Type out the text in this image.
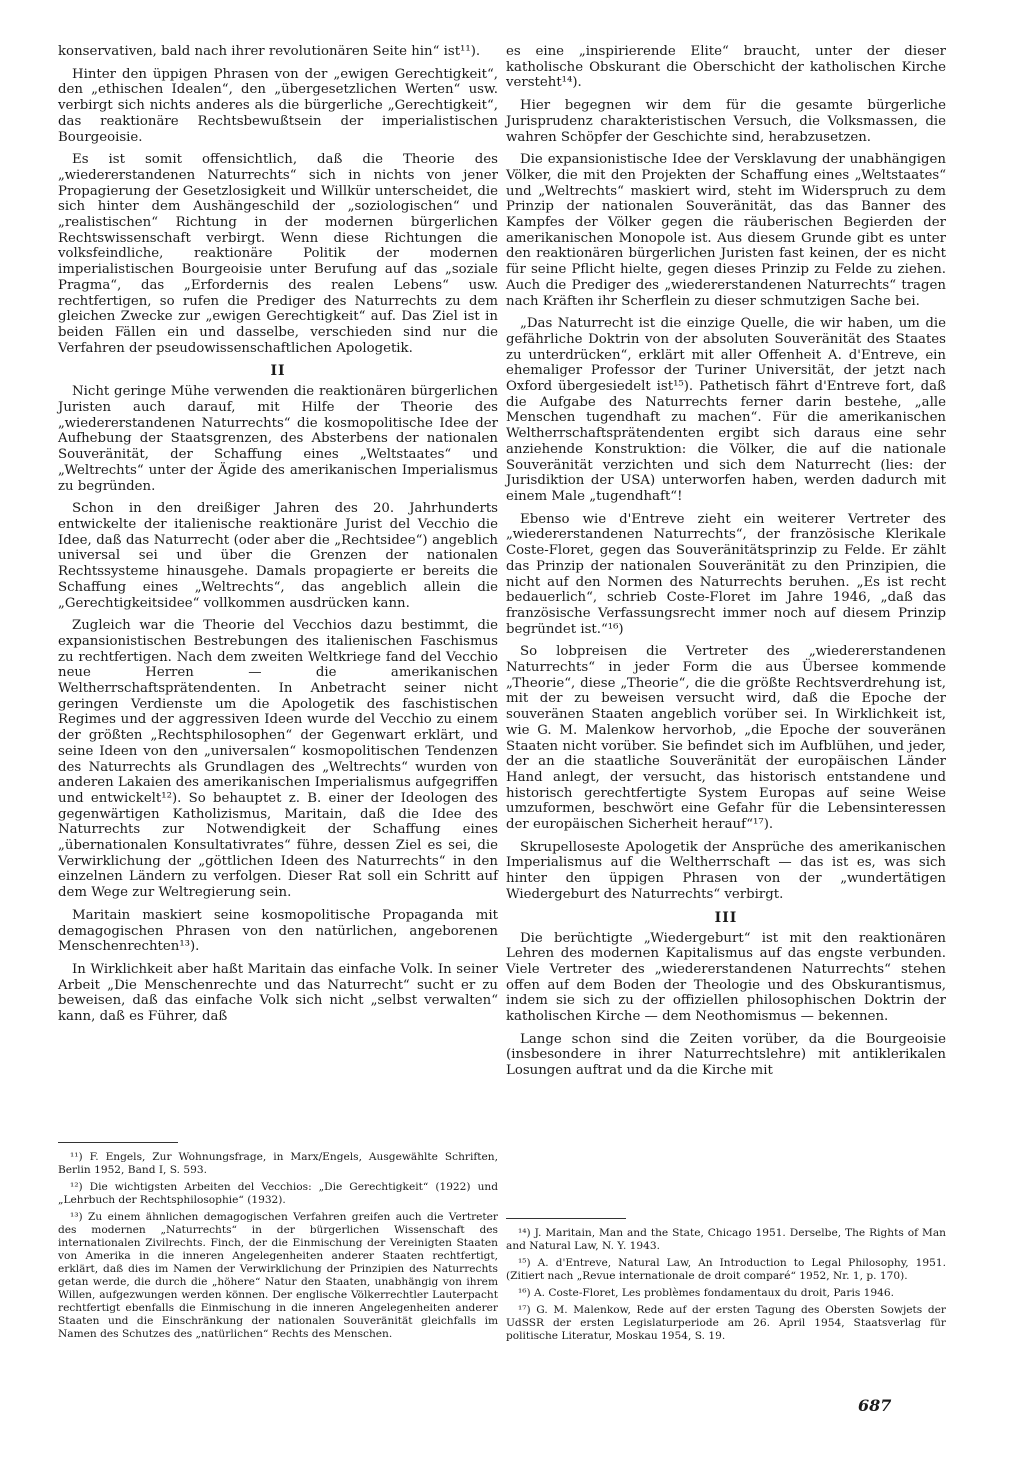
konservativen, bald nach ihrer revolutionären Seite hin“ ist¹¹).

Hinter den üppigen Phrasen von der „ewigen Gerechtigkeit“, den „ethischen Idealen“, den „übergesetzlichen Werten“ usw. verbirgt sich nichts anderes als die bürgerliche „Gerechtigkeit“, das reaktionäre Rechtsbewußtsein der imperialistischen Bourgeoisie.

Es ist somit offensichtlich, daß die Theorie des „wiedererstandenen Naturrechts“ sich in nichts von jener Propagierung der Gesetzlosigkeit und Willkür unterscheidet, die sich hinter dem Aushängeschild der „soziologischen“ und „realistischen“ Richtung in der modernen bürgerlichen Rechtswissenschaft verbirgt. Wenn diese Richtungen die volksfeindliche, reaktionäre Politik der modernen imperialistischen Bourgeoisie unter Berufung auf das „soziale Pragma“, das „Erfordernis des realen Lebens“ usw. rechtfertigen, so rufen die Prediger des Naturrechts zu dem gleichen Zwecke zur „ewigen Gerechtigkeit“ auf. Das Ziel ist in beiden Fällen ein und dasselbe, verschieden sind nur die Verfahren der pseudowissenschaftlichen Apologetik.

II

Nicht geringe Mühe verwenden die reaktionären bürgerlichen Juristen auch darauf, mit Hilfe der Theorie des „wiedererstandenen Naturrechts“ die kosmopolitische Idee der Aufhebung der Staatsgrenzen, des Absterbens der nationalen Souveränität, der Schaffung eines „Weltstaates“ und „Weltrechts“ unter der Ägide des amerikanischen Imperialismus zu begründen.

Schon in den dreißiger Jahren des 20. Jahrhunderts entwickelte der italienische reaktionäre Jurist del Vecchio die Idee, daß das Naturrecht (oder aber die „Rechtsidee“) angeblich universal sei und über die Grenzen der nationalen Rechtssysteme hinausgehe. Damals propagierte er bereits die Schaffung eines „Weltrechts“, das angeblich allein die „Gerechtigkeitsidee“ vollkommen ausdrücken kann.

Zugleich war die Theorie del Vecchios dazu bestimmt, die expansionistischen Bestrebungen des italienischen Faschismus zu rechtfertigen. Nach dem zweiten Weltkriege fand del Vecchio neue Herren — die amerikanischen Weltherrschaftsprätendenten. In Anbetracht seiner nicht geringen Verdienste um die Apologetik des faschistischen Regimes und der aggressiven Ideen wurde del Vecchio zu einem der größten „Rechtsphilosophen“ der Gegenwart erklärt, und seine Ideen von den „universalen“ kosmopolitischen Tendenzen des Naturrechts als Grundlagen des „Weltrechts“ wurden von anderen Lakaien des amerikanischen Imperialismus aufgegriffen und entwickelt¹²). So behauptet z. B. einer der Ideologen des gegenwärtigen Katholizismus, Maritain, daß die Idee des Naturrechts zur Notwendigkeit der Schaffung eines „übernationalen Konsultativrates“ führe, dessen Ziel es sei, die Verwirklichung der „göttlichen Ideen des Naturrechts“ in den einzelnen Ländern zu verfolgen. Dieser Rat soll ein Schritt auf dem Wege zur Weltregierung sein.

Maritain maskiert seine kosmopolitische Propaganda mit demagogischen Phrasen von den natürlichen, angeborenen Menschenrechten¹³).

In Wirklichkeit aber haßt Maritain das einfache Volk. In seiner Arbeit „Die Menschenrechte und das Naturrecht“ sucht er zu beweisen, daß das einfache Volk sich nicht „selbst verwalten“ kann, daß es Führer, daß

¹¹) F. Engels, Zur Wohnungsfrage, in Marx/Engels, Ausgewählte Schriften, Berlin 1952, Band I, S. 593.

¹²) Die wichtigsten Arbeiten del Vecchios: „Die Gerechtigkeit“ (1922) und „Lehrbuch der Rechtsphilosophie“ (1932).

¹³) Zu einem ähnlichen demagogischen Verfahren greifen auch die Vertreter des modernen „Naturrechts“ in der bürgerlichen Wissenschaft des internationalen Zivilrechts. Finch, der die Einmischung der Vereinigten Staaten von Amerika in die inneren Angelegenheiten anderer Staaten rechtfertigt, erklärt, daß dies im Namen der Verwirklichung der Prinzipien des Naturrechts getan werde, die durch die „höhere“ Natur den Staaten, unabhängig von ihrem Willen, aufgezwungen werden können. Der englische Völkerrechtler Lauterpacht rechtfertigt ebenfalls die Einmischung in die inneren Angelegenheiten anderer Staaten und die Einschränkung der nationalen Souveränität gleichfalls im Namen des Schutzes des „natürlichen“ Rechts des Menschen.

es eine „inspirierende Elite“ braucht, unter der dieser katholische Obskurant die Oberschicht der katholischen Kirche versteht¹⁴).

Hier begegnen wir dem für die gesamte bürgerliche Jurisprudenz charakteristischen Versuch, die Volksmassen, die wahren Schöpfer der Geschichte sind, herabzusetzen.

Die expansionistische Idee der Versklavung der unabhängigen Völker, die mit den Projekten der Schaffung eines „Weltstaates“ und „Weltrechts“ maskiert wird, steht im Widerspruch zu dem Prinzip der nationalen Souveränität, das das Banner des Kampfes der Völker gegen die räuberischen Begierden der amerikanischen Monopole ist. Aus diesem Grunde gibt es unter den reaktionären bürgerlichen Juristen fast keinen, der es nicht für seine Pflicht hielte, gegen dieses Prinzip zu Felde zu ziehen. Auch die Prediger des „wiedererstandenen Naturrechts“ tragen nach Kräften ihr Scherflein zu dieser schmutzigen Sache bei.

„Das Naturrecht ist die einzige Quelle, die wir haben, um die gefährliche Doktrin von der absoluten Souveränität des Staates zu unterdrücken“, erklärt mit aller Offenheit A. d'Entreve, ein ehemaliger Professor der Turiner Universität, der jetzt nach Oxford übergesiedelt ist¹⁵). Pathetisch fährt d'Entreve fort, daß die Aufgabe des Naturrechts ferner darin bestehe, „alle Menschen tugendhaft zu machen“. Für die amerikanischen Weltherrschaftsprätendenten ergibt sich daraus eine sehr anziehende Konstruktion: die Völker, die auf die nationale Souveränität verzichten und sich dem Naturrecht (lies: der Jurisdiktion der USA) unterworfen haben, werden dadurch mit einem Male „tugendhaft“!

Ebenso wie d'Entreve zieht ein weiterer Vertreter des „wiedererstandenen Naturrechts“, der französische Klerikale Coste-Floret, gegen das Souveränitätsprinzip zu Felde. Er zählt das Prinzip der nationalen Souveränität zu den Prinzipien, die nicht auf den Normen des Naturrechts beruhen. „Es ist recht bedauerlich“, schrieb Coste-Floret im Jahre 1946, „daß das französische Verfassungsrecht immer noch auf diesem Prinzip begründet ist.“¹⁶)

So lobpreisen die Vertreter des „wiedererstandenen Naturrechts“ in jeder Form die aus Übersee kommende „Theorie“, diese „Theorie“, die die größte Rechtsverdrehung ist, mit der zu beweisen versucht wird, daß die Epoche der souveränen Staaten angeblich vorüber sei. In Wirklichkeit ist, wie G. M. Malenkow hervorhob, „die Epoche der souveränen Staaten nicht vorüber. Sie befindet sich im Aufblühen, und jeder, der an die staatliche Souveränität der europäischen Länder Hand anlegt, der versucht, das historisch entstandene und historisch gerechtfertigte System Europas auf seine Weise umzuformen, beschwört eine Gefahr für die Lebensinteressen der europäischen Sicherheit herauf“¹⁷).

Skrupelloseste Apologetik der Ansprüche des amerikanischen Imperialismus auf die Weltherrschaft — das ist es, was sich hinter den üppigen Phrasen von der „wundertätigen Wiedergeburt des Naturrechts“ verbirgt.

III

Die berüchtigte „Wiedergeburt“ ist mit den reaktionären Lehren des modernen Kapitalismus auf das engste verbunden. Viele Vertreter des „wiedererstandenen Naturrechts“ stehen offen auf dem Boden der Theologie und des Obskurantismus, indem sie sich zu der offiziellen philosophischen Doktrin der katholischen Kirche — dem Neothomismus — bekennen.

Lange schon sind die Zeiten vorüber, da die Bourgeoisie (insbesondere in ihrer Naturrechtslehre) mit antiklerikalen Losungen auftrat und da die Kirche mit

¹⁴) J. Maritain, Man and the State, Chicago 1951. Derselbe, The Rights of Man and Natural Law, N. Y. 1943.

¹⁵) A. d'Entreve, Natural Law, An Introduction to Legal Philosophy, 1951. (Zitiert nach „Revue internationale de droit comparé“ 1952, Nr. 1, p. 170).

¹⁶) A. Coste-Floret, Les problèmes fondamentaux du droit, Paris 1946.

¹⁷) G. M. Malenkow, Rede auf der ersten Tagung des Obersten Sowjets der UdSSR der ersten Legislaturperiode am 26. April 1954, Staatsverlag für politische Literatur, Moskau 1954, S. 19.

687
